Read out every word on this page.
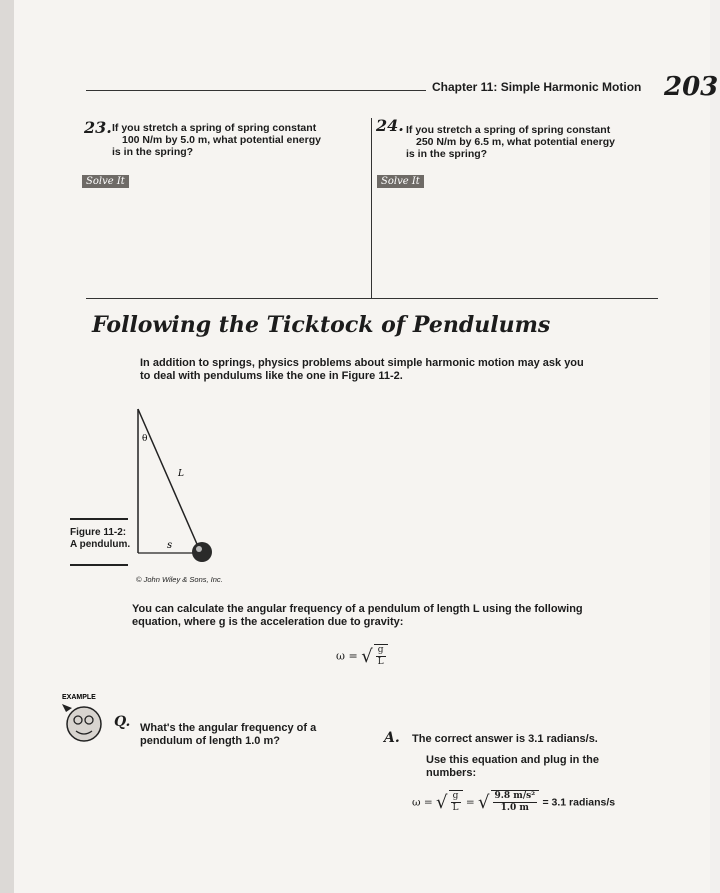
Chapter 11: Simple Harmonic Motion 203
23. If you stretch a spring of spring constant
100 N/m by 5.0 m, what potential energy
is in the spring?
Solve It
24. If you stretch a spring of spring constant
250 N/m by 6.5 m, what potential energy
is in the spring?
Solve It
Following the Ticktock of Pendulums
In addition to springs, physics problems about simple harmonic motion may ask you
to deal with pendulums like the one in Figure 11-2.
Figure 11-2:
A pendulum.
θ
L
s
© John Wiley & Sons, Inc.
You can calculate the angular frequency of a pendulum of length L using the following
equation, where g is the acceleration due to gravity:
ω = √ $\frac{g}{L}$
EXAMPLE
Q. What's the angular frequency of a
pendulum of length 1.0 m?	A. The correct answer is 3.1 radians/s.
Use this equation and plug in the
numbers:
ω = √ $\frac{g}{L}$ = √ $\frac{\text{9.8 m/s²}}{1.0 m} = 3.1$ radians/s
